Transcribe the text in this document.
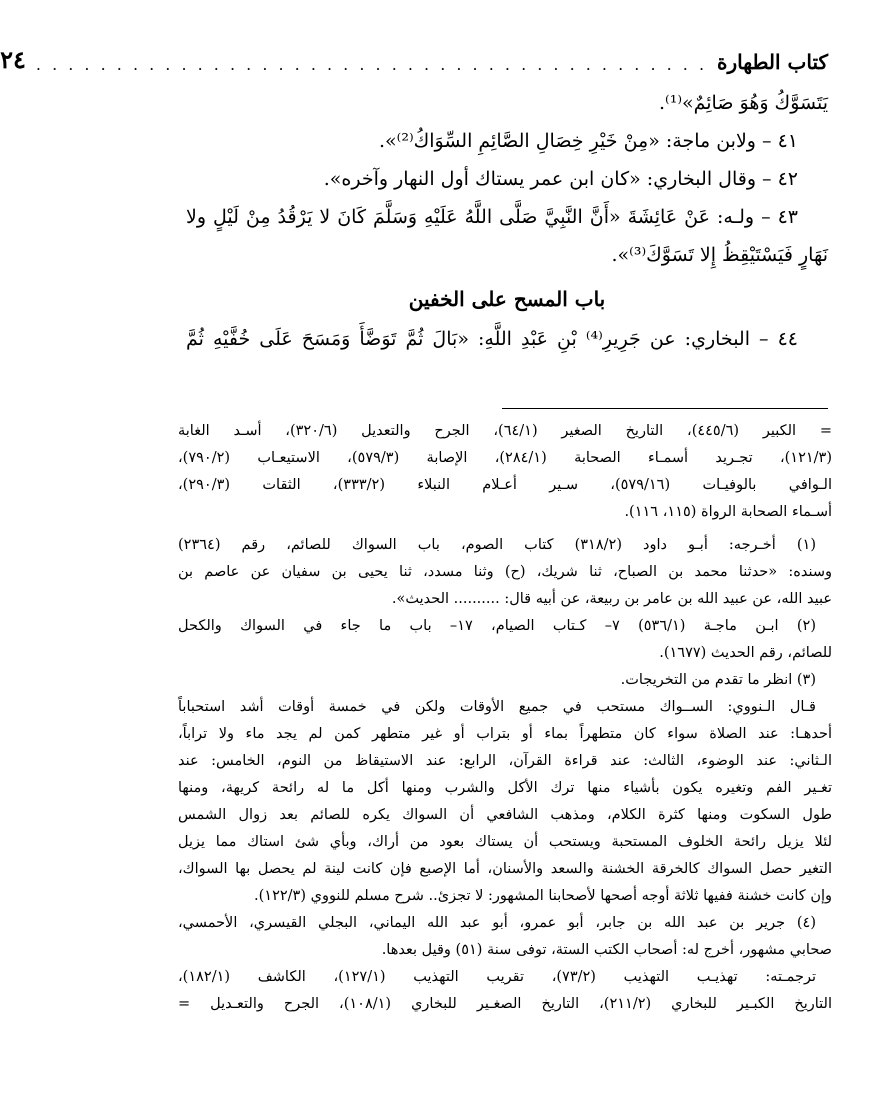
كتاب الطهارة
. . . . . . . . . . . . . . . . . . . . . . . . . . . . . . . . . . . . . . . . . .
٢٤
يَتَسَوَّكُ وَهُوَ صَائِمٌ»⁽¹⁾.
٤١ – ولابن ماجة: «مِنْ خَيْرِ خِصَالِ الصَّائِمِ السِّوَاكُ⁽²⁾».
٤٢ – وقال البخاري: «كان ابن عمر يستاك أول النهار وآخره».
٤٣ – ولـه: عَنْ عَائِشَةَ «أَنَّ النَّبِيَّ صَلَّى اللَّهُ عَلَيْهِ وَسَلَّمَ كَانَ لا يَرْقُدُ مِنْ لَيْلٍ ولا
نَهَارٍ فَيَسْتَيْقِظُ إِلا تَسَوَّكَ⁽³⁾».
باب المسح على الخفين
٤٤ – البخاري: عن جَرِيرِ⁽⁴⁾ بْنِ عَبْدِ اللَّهِ: «بَالَ ثُمَّ تَوَضَّأَ وَمَسَحَ عَلَى خُفَّيْهِ ثُمَّ
= الكبير (٤٤٥/٦)، التاريخ الصغير (٦٤/١)، الجرح والتعديل (٣٢٠/٦)، أسـد الغابة
(١٢١/٣)، تجـريد أسمـاء الصحابة (٢٨٤/١)، الإصابة (٥٧٩/٣)، الاستيعـاب (٧٩٠/٢)،
الـوافي بالوفيـات (٥٧٩/١٦)، سـير أعـلام النبلاء (٣٣٣/٢)، الثقات (٢٩٠/٣)،
أسـماء الصحابة الرواة (١١٥، ١١٦).
(١) أخـرجه: أبـو داود (٣١٨/٢) كتاب الصوم، باب السواك للصائم، رقم (٢٣٦٤)
وسنده: «حدثنا محمد بن الصباح، ثنا شريك، (ح) وثنا مسدد، ثنا يحيى بن سفيان عن عاصم بن
عبيد الله، عن عبيد الله بن عامر بن ربيعة، عن أبيه قال: .......... الحديث».
(٢) ابـن ماجـة (٥٣٦/١) ٧– كـتاب الصيام، ١٧– باب ما جاء في السواك والكحل
للصائم، رقم الحديث (١٦٧٧).
(٣) انظر ما تقدم من التخريجات.
قـال الـنووي: الســواك مستحب في جميع الأوقات ولكن في خمسة أوقات أشد استحباباً
أحدهـا: عند الصلاة سواء كان متطهراً بماء أو بتراب أو غير متطهر كمن لم يجد ماء ولا تراباً،
الـثاني: عند الوضوء، الثالث: عند قراءة القرآن، الرابع: عند الاستيقاظ من النوم، الخامس: عند
تغـير الفم وتغيره يكون بأشياء منها ترك الأكل والشرب ومنها أكل ما له رائحة كريهة، ومنها
طول السكوت ومنها كثرة الكلام، ومذهب الشافعي أن السواك يكره للصائم بعد زوال الشمس
لئلا يزيل رائحة الخلوف المستحبة ويستحب أن يستاك بعود من أراك، وبأي شئ استاك مما يزيل
التغير حصل السواك كالخرقة الخشنة والسعد والأسنان، أما الإصبع فإن كانت لينة لم يحصل بها السواك،
وإن كانت خشنة ففيها ثلاثة أوجه أصحها لأصحابنا المشهور: لا تجزئ.. شرح مسلم للنووي (١٢٢/٣).
(٤) جرير بن عبد الله بن جابر، أبو عمرو، أبو عبد الله اليماني، البجلي القيسري، الأحمسي،
صحابي مشهور، أخرج له: أصحاب الكتب الستة، توفى سنة (٥١) وقيل بعدها.
ترجمـته: تهذيـب التهذيب (٧٣/٢)، تقريب التهذيب (١٢٧/١)، الكاشف (١٨٢/١)،
التاريخ الكبـير للبخاري (٢١١/٢)، التاريخ الصغـير للبخاري (١٠٨/١)، الجرح والتعـديل =
